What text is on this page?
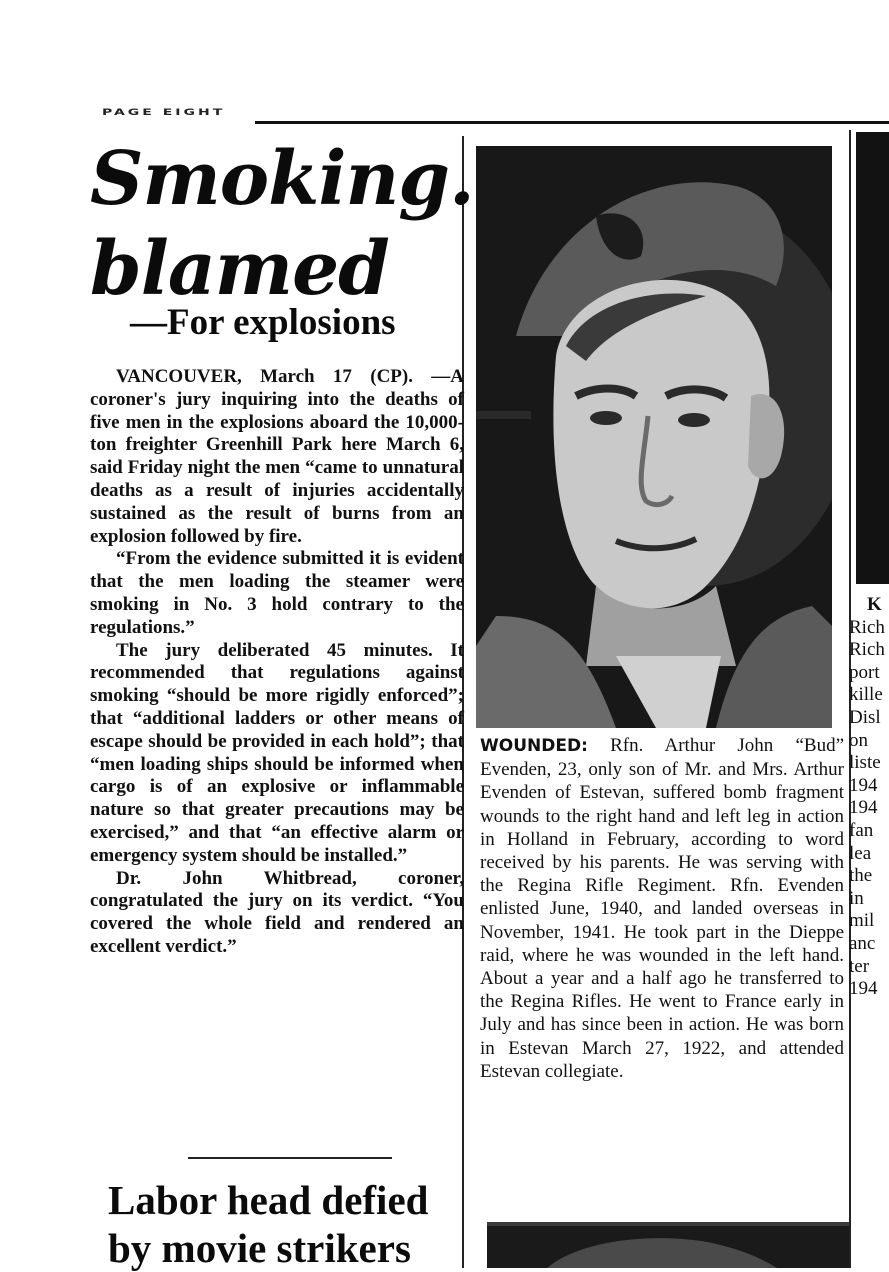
PAGE EIGHT
Smoking.
blamed
—For explosions

VANCOUVER, March 17 (CP). —A coroner's jury inquiring into the deaths of five men in the explosions aboard the 10,000-ton freighter Greenhill Park here March 6, said Friday night the men “came to unnatural deaths as a result of injuries accidentally sustained as the result of burns from an explosion followed by fire.

“From the evidence submitted it is evident that the men loading the steamer were smoking in No. 3 hold contrary to the regulations.”

The jury deliberated 45 minutes. It recommended that regulations against smoking “should be more rigidly enforced”; that “additional ladders or other means of escape should be provided in each hold”; that “men loading ships should be informed when cargo is of an explosive or inflammable nature so that greater precautions may be exercised,” and that “an effective alarm or emergency system should be installed.”

Dr. John Whitbread, coroner, congratulated the jury on its verdict. “You covered the whole field and rendered an excellent verdict.”

Labor head defied
by movie strikers
WOUNDED: Rfn. Arthur John “Bud” Evenden, 23, only son of Mr. and Mrs. Arthur Evenden of Estevan, suffered bomb fragment wounds to the right hand and left leg in action in Holland in February, according to word received by his parents. He was serving with the Regina Rifle Regiment. Rfn. Evenden enlisted June, 1940, and landed overseas in November, 1941. He took part in the Dieppe raid, where he was wounded in the left hand. About a year and a half ago he transferred to the Regina Rifles. He went to France early in July and has since been in action. He was born in Estevan March 27, 1922, and attended Estevan collegiate.
K
Rich
Rich
port
kille
Disl
on
liste
194
194
fan
lea
the
in
mil
anc
ter
194
